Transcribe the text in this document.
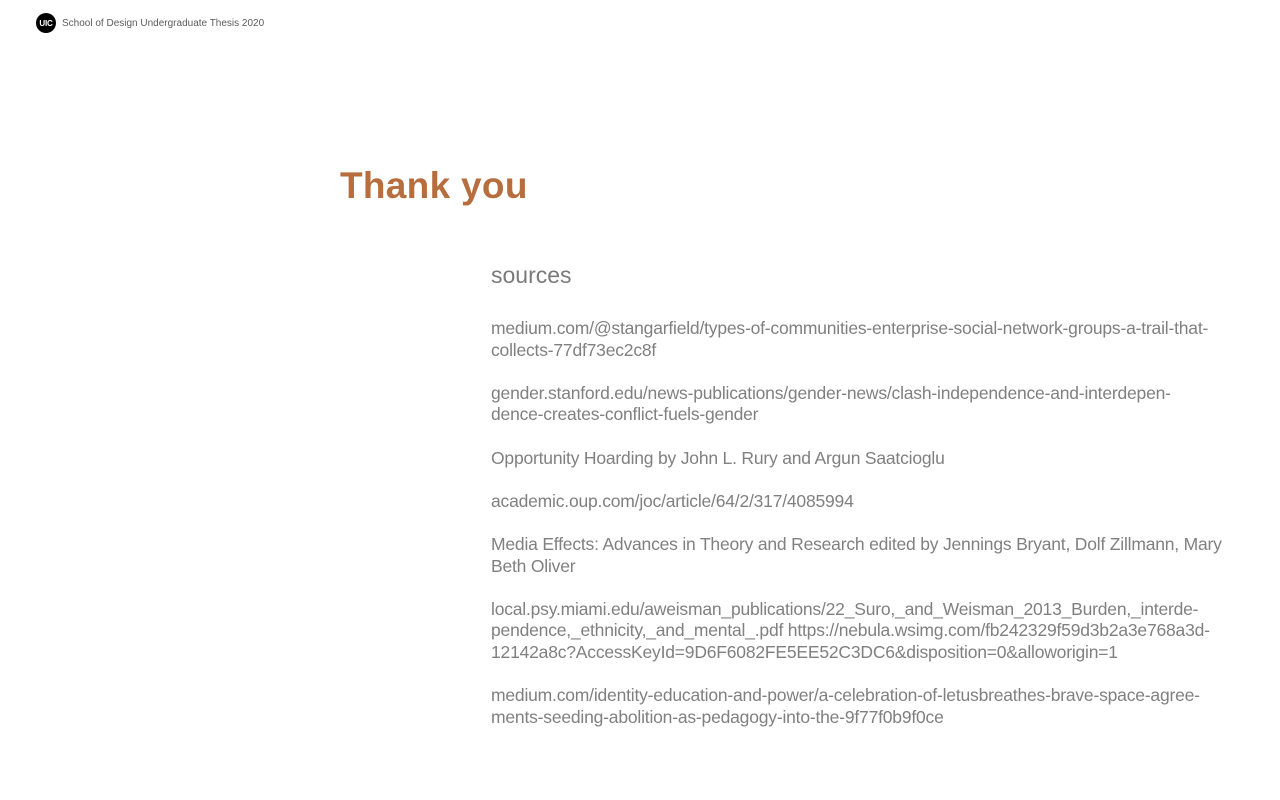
UIC School of Design Undergraduate Thesis 2020
Thank you
sources
medium.com/@stangarfield/types-of-communities-enterprise-social-network-groups-a-trail-that-
collects-77df73ec2c8f
gender.stanford.edu/news-publications/gender-news/clash-independence-and-interdepen-
dence-creates-conflict-fuels-gender
Opportunity Hoarding by John L. Rury and Argun Saatcioglu
academic.oup.com/joc/article/64/2/317/4085994
Media Effects: Advances in Theory and Research edited by Jennings Bryant, Dolf Zillmann, Mary
Beth Oliver
local.psy.miami.edu/aweisman_publications/22_Suro,_and_Weisman_2013_Burden,_interde-
pendence,_ethnicity,_and_mental_.pdf https://nebula.wsimg.com/fb242329f59d3b2a3e768a3d-
12142a8c?AccessKeyId=9D6F6082FE5EE52C3DC6&disposition=0&alloworigin=1
medium.com/identity-education-and-power/a-celebration-of-letusbreathes-brave-space-agree-
ments-seeding-abolition-as-pedagogy-into-the-9f77f0b9f0ce
